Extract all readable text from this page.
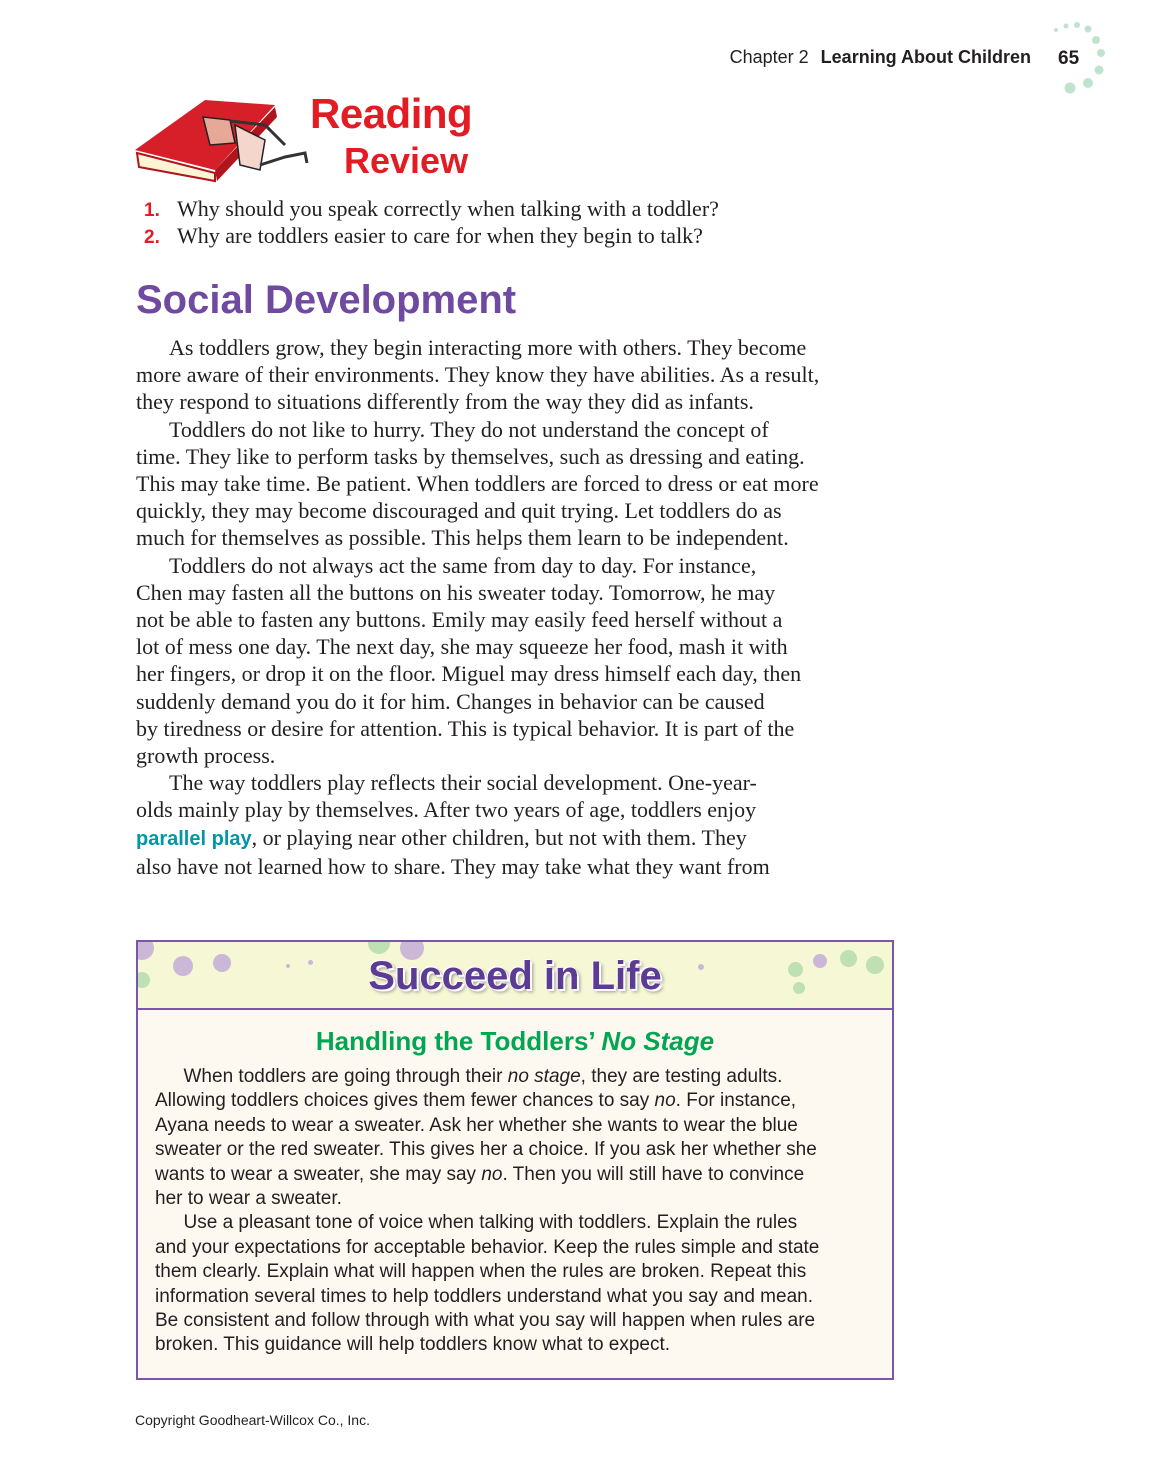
Chapter 2 Learning About Children 65
Reading
Review
1. Why should you speak correctly when talking with a toddler?
2. Why are toddlers easier to care for when they begin to talk?
Social Development
  As toddlers grow, they begin interacting more with others. They become
more aware of their environments. They know they have abilities. As a result,
they respond to situations differently from the way they did as infants.
  Toddlers do not like to hurry. They do not understand the concept of
time. They like to perform tasks by themselves, such as dressing and eating.
This may take time. Be patient. When toddlers are forced to dress or eat more
quickly, they may become discouraged and quit trying. Let toddlers do as
much for themselves as possible. This helps them learn to be independent.
  Toddlers do not always act the same from day to day. For instance,
Chen may fasten all the buttons on his sweater today. Tomorrow, he may
not be able to fasten any buttons. Emily may easily feed herself without a
lot of mess one day. The next day, she may squeeze her food, mash it with
her fingers, or drop it on the floor. Miguel may dress himself each day, then
suddenly demand you do it for him. Changes in behavior can be caused
by tiredness or desire for attention. This is typical behavior. It is part of the
growth process.
  The way toddlers play reflects their social development. One-year-
olds mainly play by themselves. After two years of age, toddlers enjoy
parallel play, or playing near other children, but not with them. They
also have not learned how to share. They may take what they want from
Succeed in Life
Handling the Toddlers’ No Stage
  When toddlers are going through their no stage, they are testing adults.
Allowing toddlers choices gives them fewer chances to say no. For instance,
Ayana needs to wear a sweater. Ask her whether she wants to wear the blue
sweater or the red sweater. This gives her a choice. If you ask her whether she
wants to wear a sweater, she may say no. Then you will still have to convince
her to wear a sweater.
  Use a pleasant tone of voice when talking with toddlers. Explain the rules
and your expectations for acceptable behavior. Keep the rules simple and state
them clearly. Explain what will happen when the rules are broken. Repeat this
information several times to help toddlers understand what you say and mean.
Be consistent and follow through with what you say will happen when rules are
broken. This guidance will help toddlers know what to expect.
Copyright Goodheart-Willcox Co., Inc.
